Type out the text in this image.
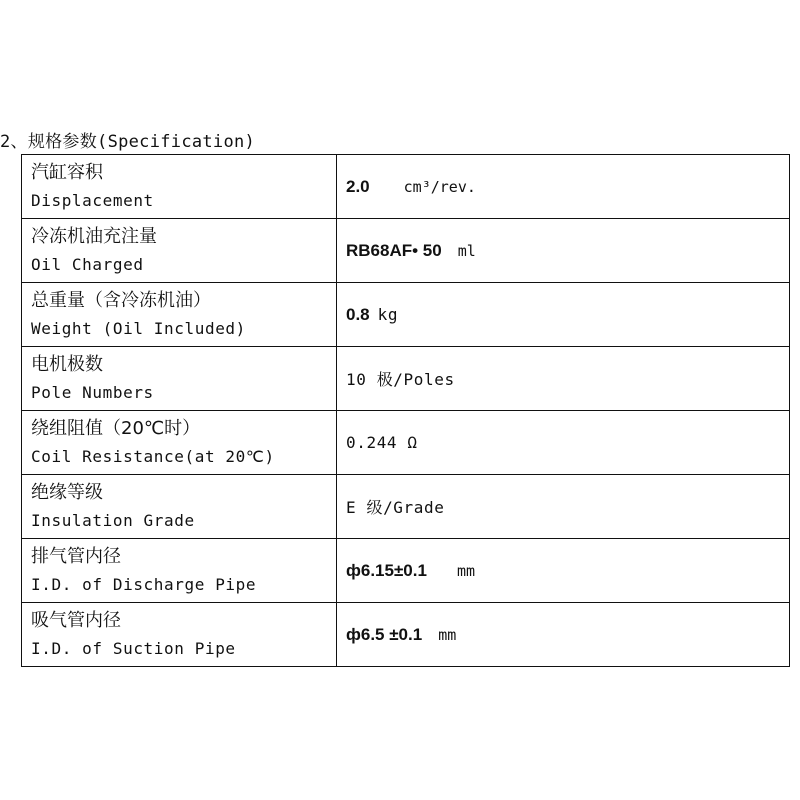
2、规格参数(Specification)
汽缸容积
Displacement	2.0 cm³/rev.

冷冻机油充注量
Oil Charged	RB68AF• 50 ml

总重量（含冷冻机油）
Weight (Oil Included)	0.8 kg

电机极数
Pole Numbers	10 极/Poles

绕组阻值（20℃时）
Coil Resistance(at 20℃)	0.244 Ω

绝缘等级
Insulation Grade	E 级/Grade

排气管内径
I.D. of Discharge Pipe	ф6.15±0.1 mm

吸气管内径
I.D. of Suction Pipe	ф6.5 ±0.1 mm
